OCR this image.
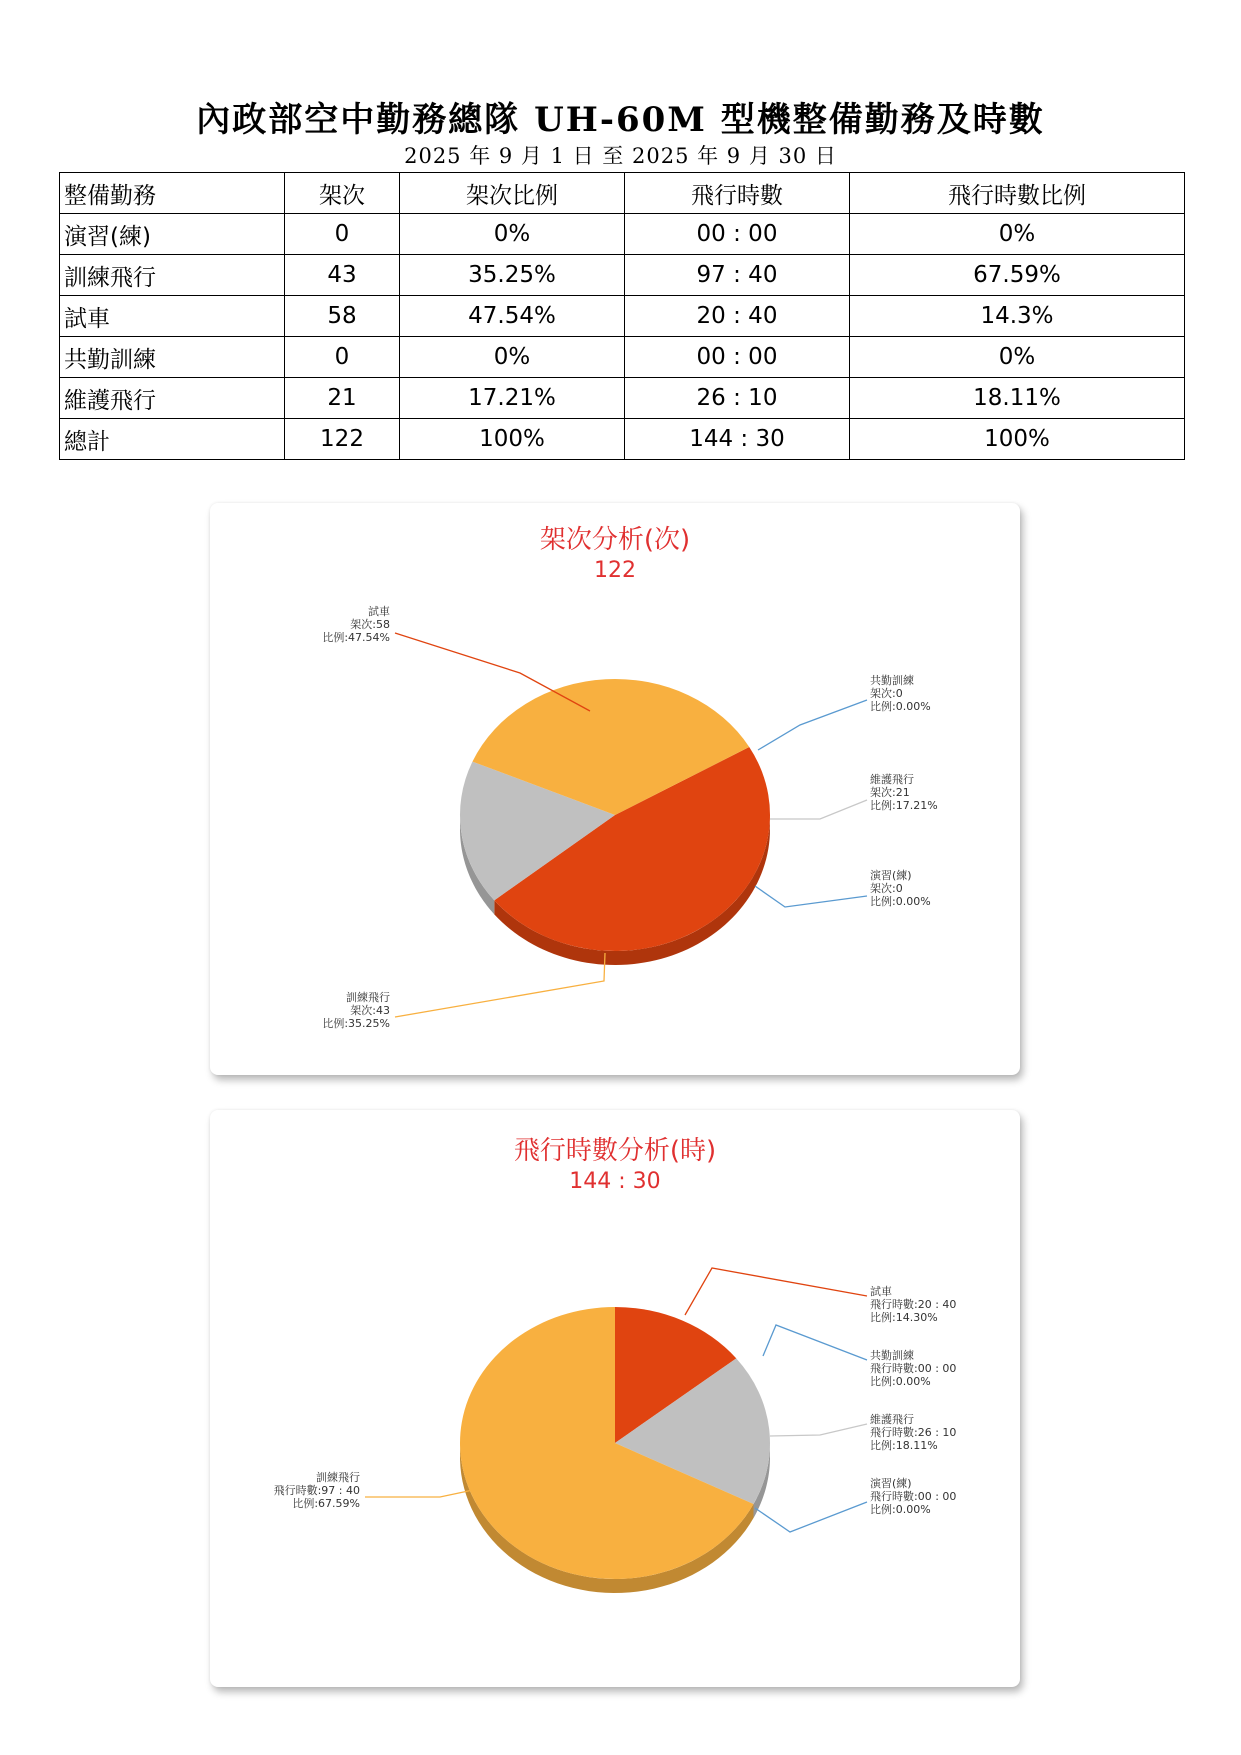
內政部空中勤務總隊 UH-60M 型機整備勤務及時數
2025 年 9 月 1 日 至 2025 年 9 月 30 日
整備勤務	架次	架次比例	飛行時數	飛行時數比例
演習(練)	0	0%	00 : 00	0%
訓練飛行	43	35.25%	97 : 40	67.59%
試車	58	47.54%	20 : 40	14.3%
共勤訓練	0	0%	00 : 00	0%
維護飛行	21	17.21%	26 : 10	18.11%
總計	122	100%	144 : 30	100%
架次分析(次)
122
試車
架次:58
比例:47.54%
訓練飛行
架次:43
比例:35.25%
維護飛行
架次:21
比例:17.21%
共勤訓練
架次:0
比例:0.00%
演習(練)
架次:0
比例:0.00%
飛行時數分析(時)
144 : 30
試車
飛行時數:20 : 40
比例:14.30%
訓練飛行
飛行時數:97 : 40
比例:67.59%
維護飛行
飛行時數:26 : 10
比例:18.11%
共勤訓練
飛行時數:00 : 00
比例:0.00%
演習(練)
飛行時數:00 : 00
比例:0.00%
